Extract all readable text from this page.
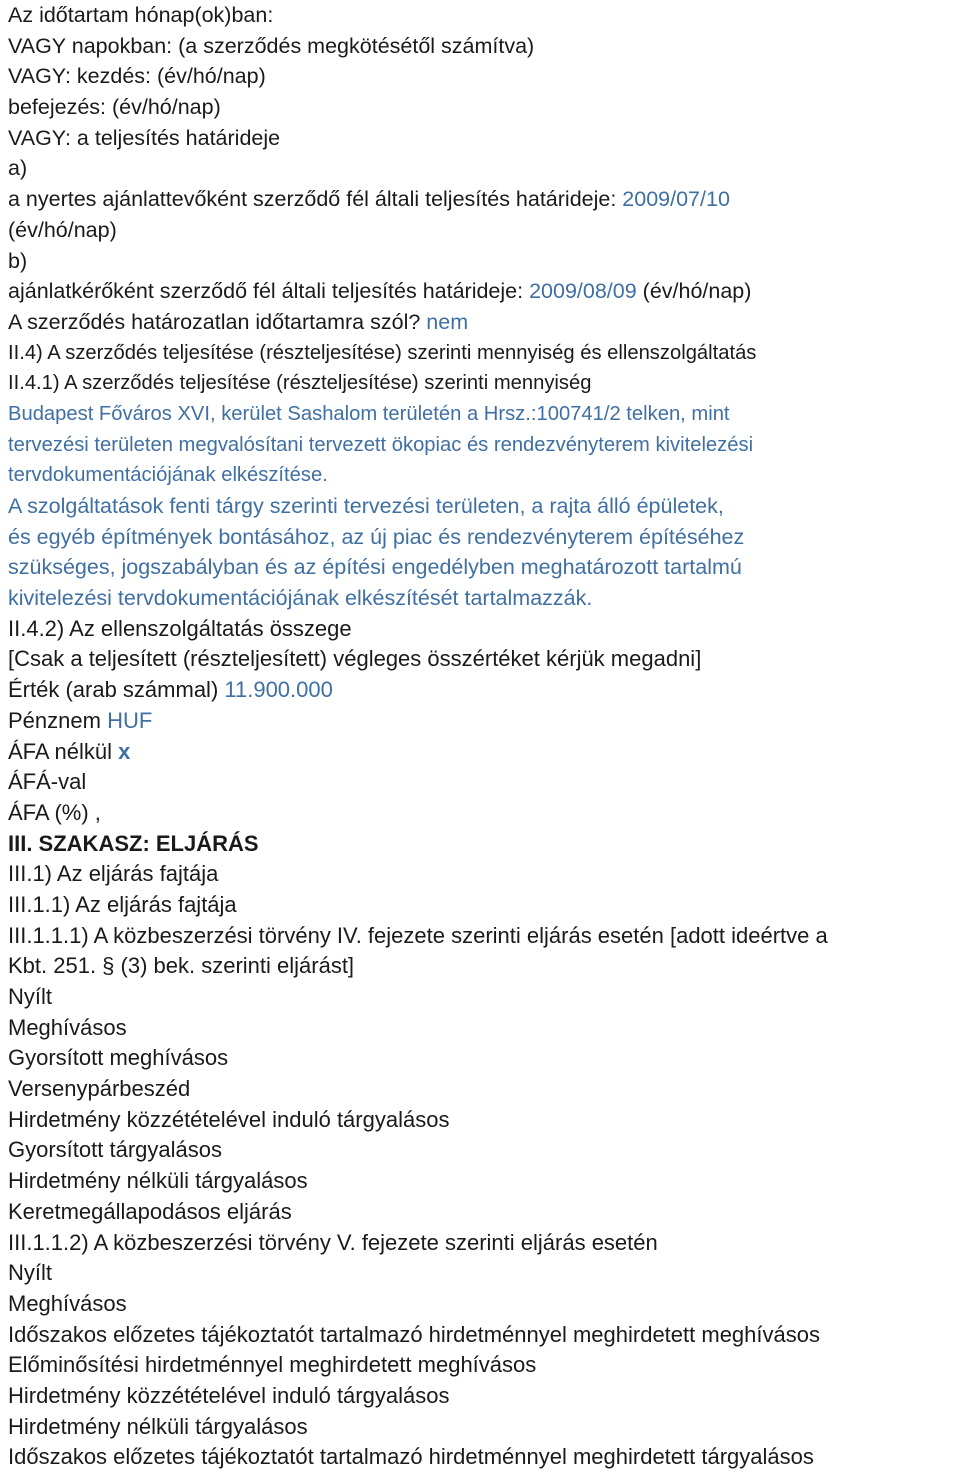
Az időtartam hónap(ok)ban:
VAGY napokban: (a szerződés megkötésétől számítva)
VAGY: kezdés: (év/hó/nap)
befejezés: (év/hó/nap)
VAGY: a teljesítés határideje
a)
a nyertes ajánlattevőként szerződő fél általi teljesítés határideje: 2009/07/10
(év/hó/nap)
b)
ajánlatkérőként szerződő fél általi teljesítés határideje: 2009/08/09 (év/hó/nap)
A szerződés határozatlan időtartamra szól? nem
II.4) A szerződés teljesítése (részteljesítése) szerinti mennyiség és ellenszolgáltatás
II.4.1) A szerződés teljesítése (részteljesítése) szerinti mennyiség
Budapest Főváros XVI, kerület Sashalom területén a Hrsz.:100741/2 telken, mint
tervezési területen megvalósítani tervezett ökopiac és rendezvényterem kivitelezési
tervdokumentációjának elkészítése.
A szolgáltatások fenti tárgy szerinti tervezési területen, a rajta álló épületek,
és egyéb építmények bontásához, az új piac és rendezvényterem építéséhez
szükséges, jogszabályban és az építési engedélyben meghatározott tartalmú
kivitelezési tervdokumentációjának elkészítését tartalmazzák.
II.4.2) Az ellenszolgáltatás összege
[Csak a teljesített (részteljesített) végleges összértéket kérjük megadni]
Érték (arab számmal) 11.900.000
Pénznem HUF
ÁFA nélkül x
ÁFÁ-val
ÁFA (%) ,
III. SZAKASZ: ELJÁRÁS
III.1) Az eljárás fajtája
III.1.1) Az eljárás fajtája
III.1.1.1) A közbeszerzési törvény IV. fejezete szerinti eljárás esetén [adott ideértve a
Kbt. 251. § (3) bek. szerinti eljárást]
Nyílt
Meghívásos
Gyorsított meghívásos
Versenypárbeszéd
Hirdetmény közzétételével induló tárgyalásos
Gyorsított tárgyalásos
Hirdetmény nélküli tárgyalásos
Keretmegállapodásos eljárás
III.1.1.2) A közbeszerzési törvény V. fejezete szerinti eljárás esetén
Nyílt
Meghívásos
Időszakos előzetes tájékoztatót tartalmazó hirdetménnyel meghirdetett meghívásos
Előminősítési hirdetménnyel meghirdetett meghívásos
Hirdetmény közzétételével induló tárgyalásos
Hirdetmény nélküli tárgyalásos
Időszakos előzetes tájékoztatót tartalmazó hirdetménnyel meghirdetett tárgyalásos
